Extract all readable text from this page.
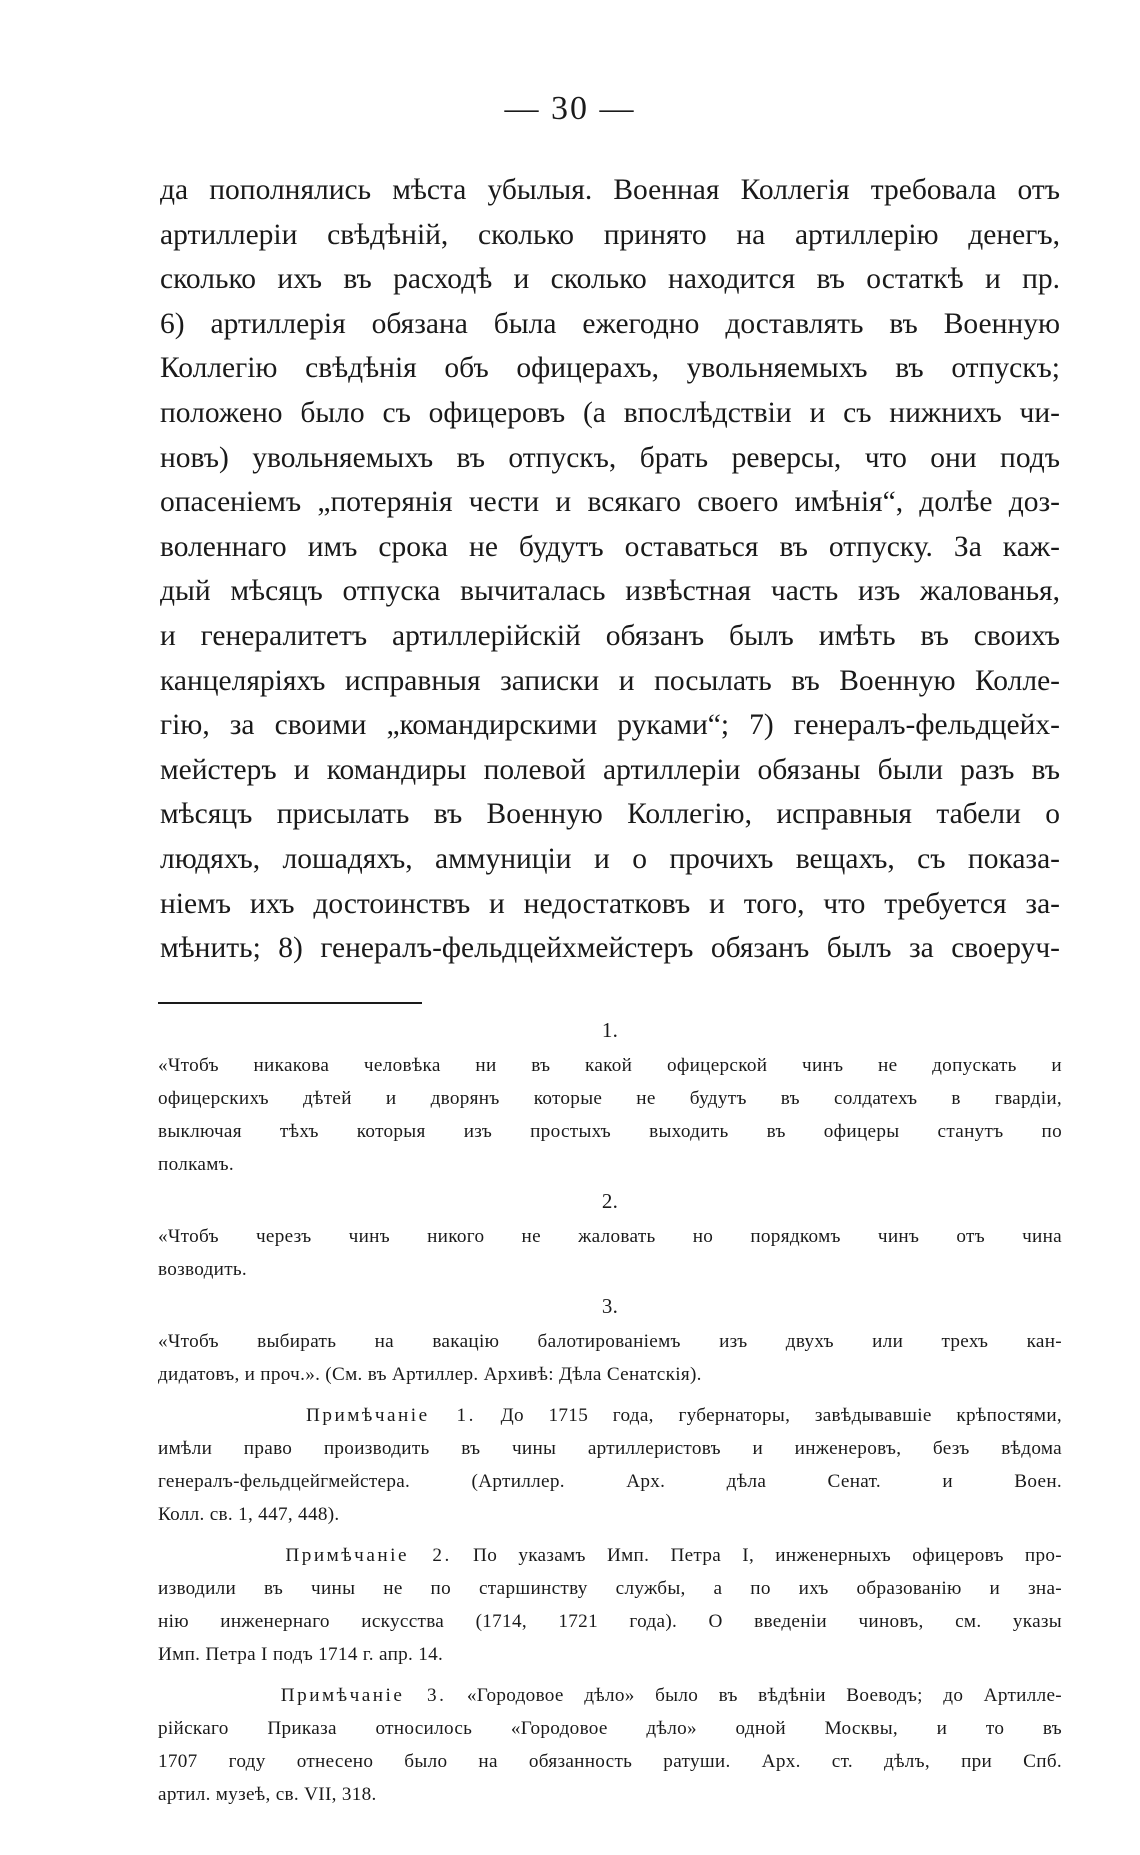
— 30 —
да пополнялись мѣста убылыя. Военная Коллегія требовала отъ
артиллеріи свѣдѣній, сколько принято на артиллерію денегъ,
сколько ихъ въ расходѣ и сколько находится въ остаткѣ и пр.
6) артиллерія обязана была ежегодно доставлять въ Военную
Коллегію свѣдѣнія объ офицерахъ, увольняемыхъ въ отпускъ;
положено было съ офицеровъ (а впослѣдствіи и съ нижнихъ чи-
новъ) увольняемыхъ въ отпускъ, брать реверсы, что они подъ
опасеніемъ „потерянія чести и всякаго своего имѣнія“, долѣе доз-
воленнаго имъ срока не будутъ оставаться въ отпуску. За каж-
дый мѣсяцъ отпуска вычиталась извѣстная часть изъ жалованья,
и генералитетъ артиллерійскій обязанъ былъ имѣть въ своихъ
канцеляріяхъ исправныя записки и посылать въ Военную Колле-
гію, за своими „командирскими руками“; 7) генералъ-фельдцейх-
мейстеръ и командиры полевой артиллеріи обязаны были разъ въ
мѣсяцъ присылать въ Военную Коллегію, исправныя табели о
людяхъ, лошадяхъ, аммуниціи и о прочихъ вещахъ, съ показа-
ніемъ ихъ достоинствъ и недостатковъ и того, что требуется за-
мѣнить; 8) генералъ-фельдцейхмейстеръ обязанъ былъ за своеруч-
1.
«Чтобъ никакова человѣка ни въ какой офицерской чинъ не допускать и
офицерскихъ дѣтей и дворянъ которые не будутъ въ солдатехъ в гвардіи,
выключая тѣхъ которыя изъ простыхъ выходить въ офицеры станутъ по
полкамъ.
2.
«Чтобъ черезъ чинъ никого не жаловать но порядкомъ чинъ отъ чина
возводить.
3.
«Чтобъ выбирать на вакацію балотированіемъ изъ двухъ или трехъ кан-
дидатовъ, и проч.». (См. въ Артиллер. Архивѣ: Дѣла Сенатскія).
Примѣчаніе 1. До 1715 года, губернаторы, завѣдывавшіе крѣпостями,
имѣли право производить въ чины артиллеристовъ и инженеровъ, безъ вѣдома
генералъ-фельдцейгмейстера. (Артиллер. Арх. дѣла Сенат. и Воен.
Колл. св. 1, 447, 448).
Примѣчаніе 2. По указамъ Имп. Петра I, инженерныхъ офицеровъ про-
изводили въ чины не по старшинству службы, а по ихъ образованію и зна-
нію инженернаго искусства (1714, 1721 года). О введеніи чиновъ, см. указы
Имп. Петра I подъ 1714 г. апр. 14.
Примѣчаніе 3. «Городовое дѣло» было въ вѣдѣніи Воеводъ; до Артилле-
рійскаго Приказа относилось «Городовое дѣло» одной Москвы, и то въ
1707 году отнесено было на обязанность ратуши. Арх. ст. дѣлъ, при Спб.
артил. музеѣ, св. VII, 318.
